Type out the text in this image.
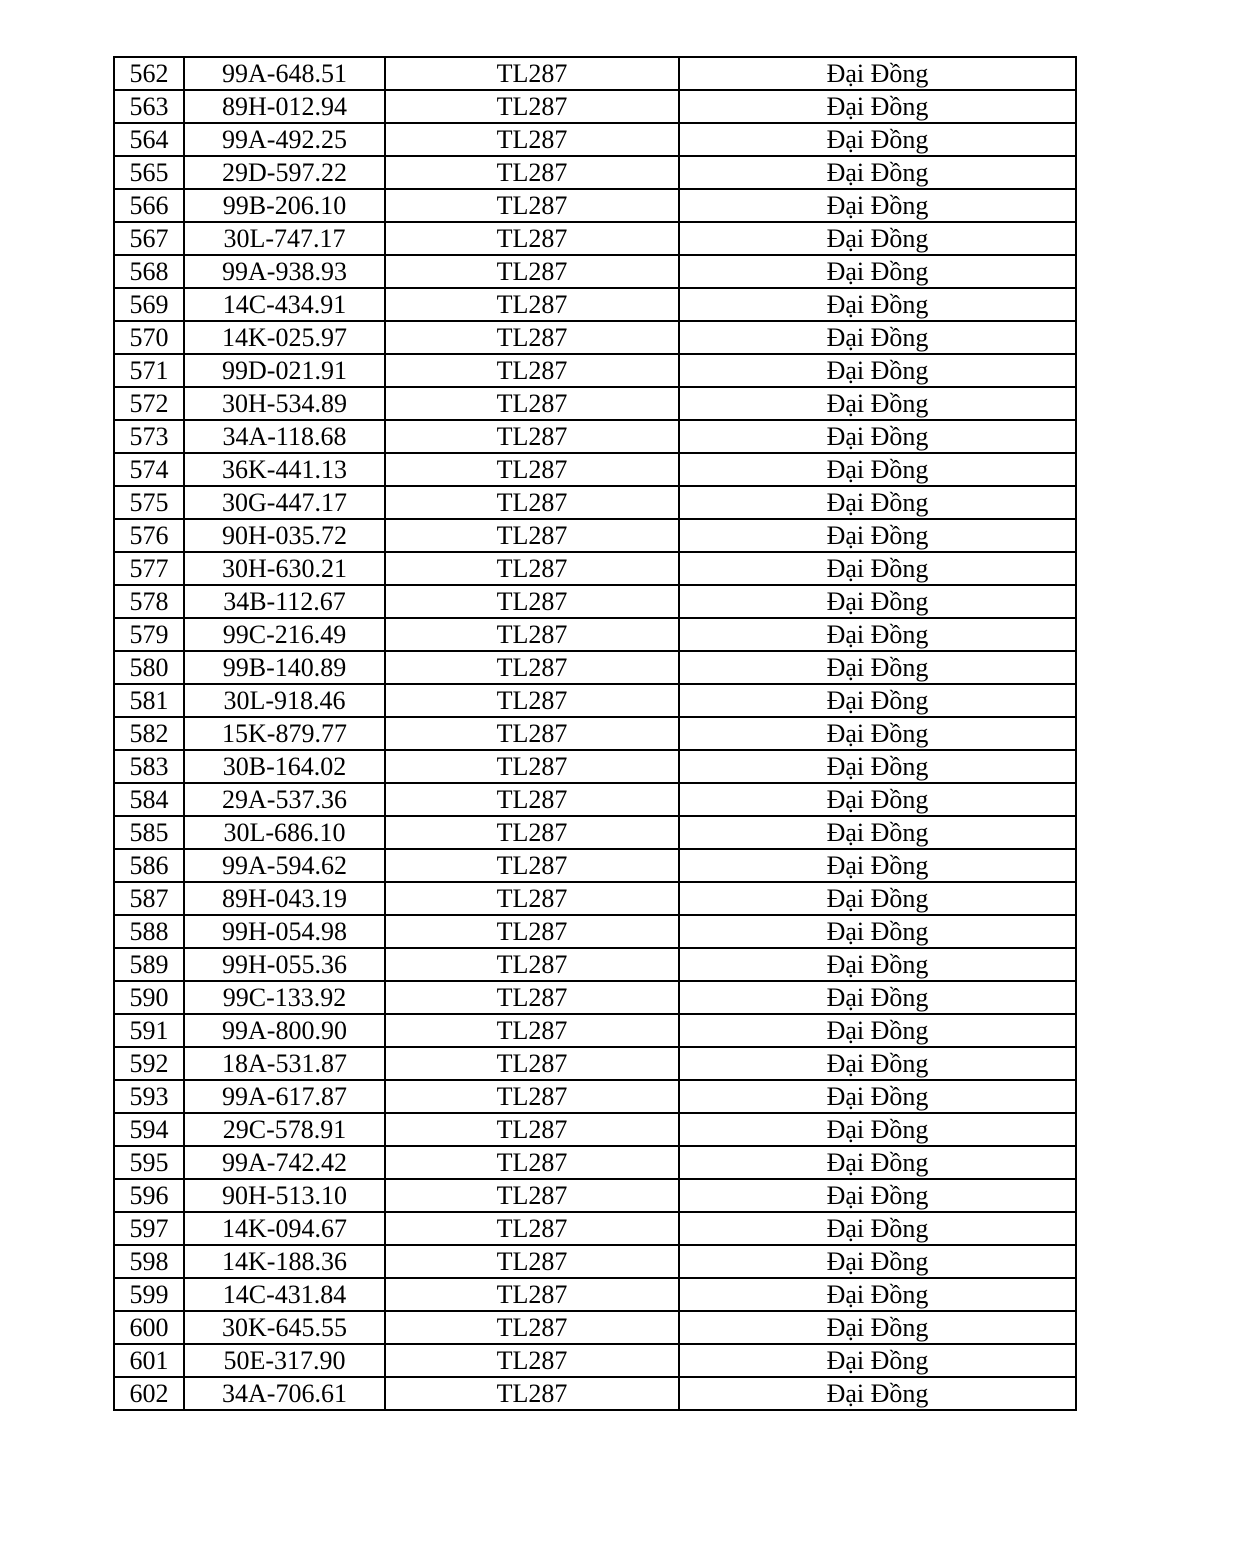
562	99A-648.51	TL287	Đại Đồng
563	89H-012.94	TL287	Đại Đồng
564	99A-492.25	TL287	Đại Đồng
565	29D-597.22	TL287	Đại Đồng
566	99B-206.10	TL287	Đại Đồng
567	30L-747.17	TL287	Đại Đồng
568	99A-938.93	TL287	Đại Đồng
569	14C-434.91	TL287	Đại Đồng
570	14K-025.97	TL287	Đại Đồng
571	99D-021.91	TL287	Đại Đồng
572	30H-534.89	TL287	Đại Đồng
573	34A-118.68	TL287	Đại Đồng
574	36K-441.13	TL287	Đại Đồng
575	30G-447.17	TL287	Đại Đồng
576	90H-035.72	TL287	Đại Đồng
577	30H-630.21	TL287	Đại Đồng
578	34B-112.67	TL287	Đại Đồng
579	99C-216.49	TL287	Đại Đồng
580	99B-140.89	TL287	Đại Đồng
581	30L-918.46	TL287	Đại Đồng
582	15K-879.77	TL287	Đại Đồng
583	30B-164.02	TL287	Đại Đồng
584	29A-537.36	TL287	Đại Đồng
585	30L-686.10	TL287	Đại Đồng
586	99A-594.62	TL287	Đại Đồng
587	89H-043.19	TL287	Đại Đồng
588	99H-054.98	TL287	Đại Đồng
589	99H-055.36	TL287	Đại Đồng
590	99C-133.92	TL287	Đại Đồng
591	99A-800.90	TL287	Đại Đồng
592	18A-531.87	TL287	Đại Đồng
593	99A-617.87	TL287	Đại Đồng
594	29C-578.91	TL287	Đại Đồng
595	99A-742.42	TL287	Đại Đồng
596	90H-513.10	TL287	Đại Đồng
597	14K-094.67	TL287	Đại Đồng
598	14K-188.36	TL287	Đại Đồng
599	14C-431.84	TL287	Đại Đồng
600	30K-645.55	TL287	Đại Đồng
601	50E-317.90	TL287	Đại Đồng
602	34A-706.61	TL287	Đại Đồng
